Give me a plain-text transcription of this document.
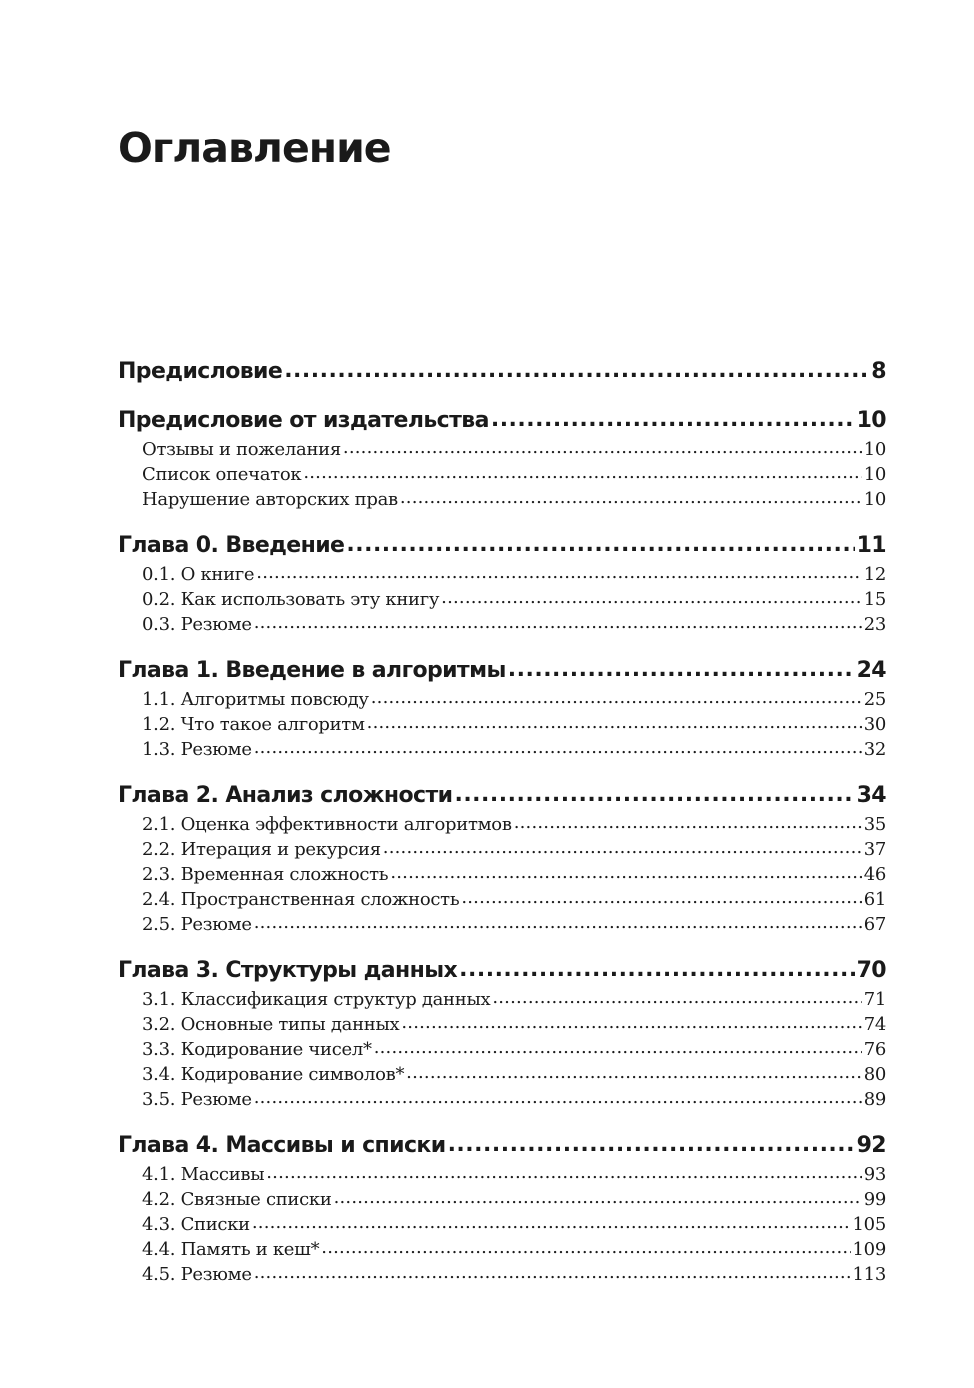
Оглавление
Предисловие .....	8
Предисловие от издательства .....	10
Отзывы и пожелания .....	10
Список опечаток .....	10
Нарушение авторских прав .....	10
Глава 0. Введение .....	11
0.1. О книге .....	12
0.2. Как использовать эту книгу .....	15
0.3. Резюме .....	23
Глава 1. Введение в алгоритмы .....	24
1.1. Алгоритмы повсюду .....	25
1.2. Что такое алгоритм .....	30
1.3. Резюме .....	32
Глава 2. Анализ сложности .....	34
2.1. Оценка эффективности алгоритмов .....	35
2.2. Итерация и рекурсия .....	37
2.3. Временная сложность .....	46
2.4. Пространственная сложность .....	61
2.5. Резюме .....	67
Глава 3. Структуры данных .....	70
3.1. Классификация структур данных .....	71
3.2. Основные типы данных .....	74
3.3. Кодирование чисел* .....	76
3.4. Кодирование символов* .....	80
3.5. Резюме .....	89
Глава 4. Массивы и списки .....	92
4.1. Массивы .....	93
4.2. Связные списки .....	99
4.3. Списки .....	105
4.4. Память и кеш* .....	109
4.5. Резюме .....	113
